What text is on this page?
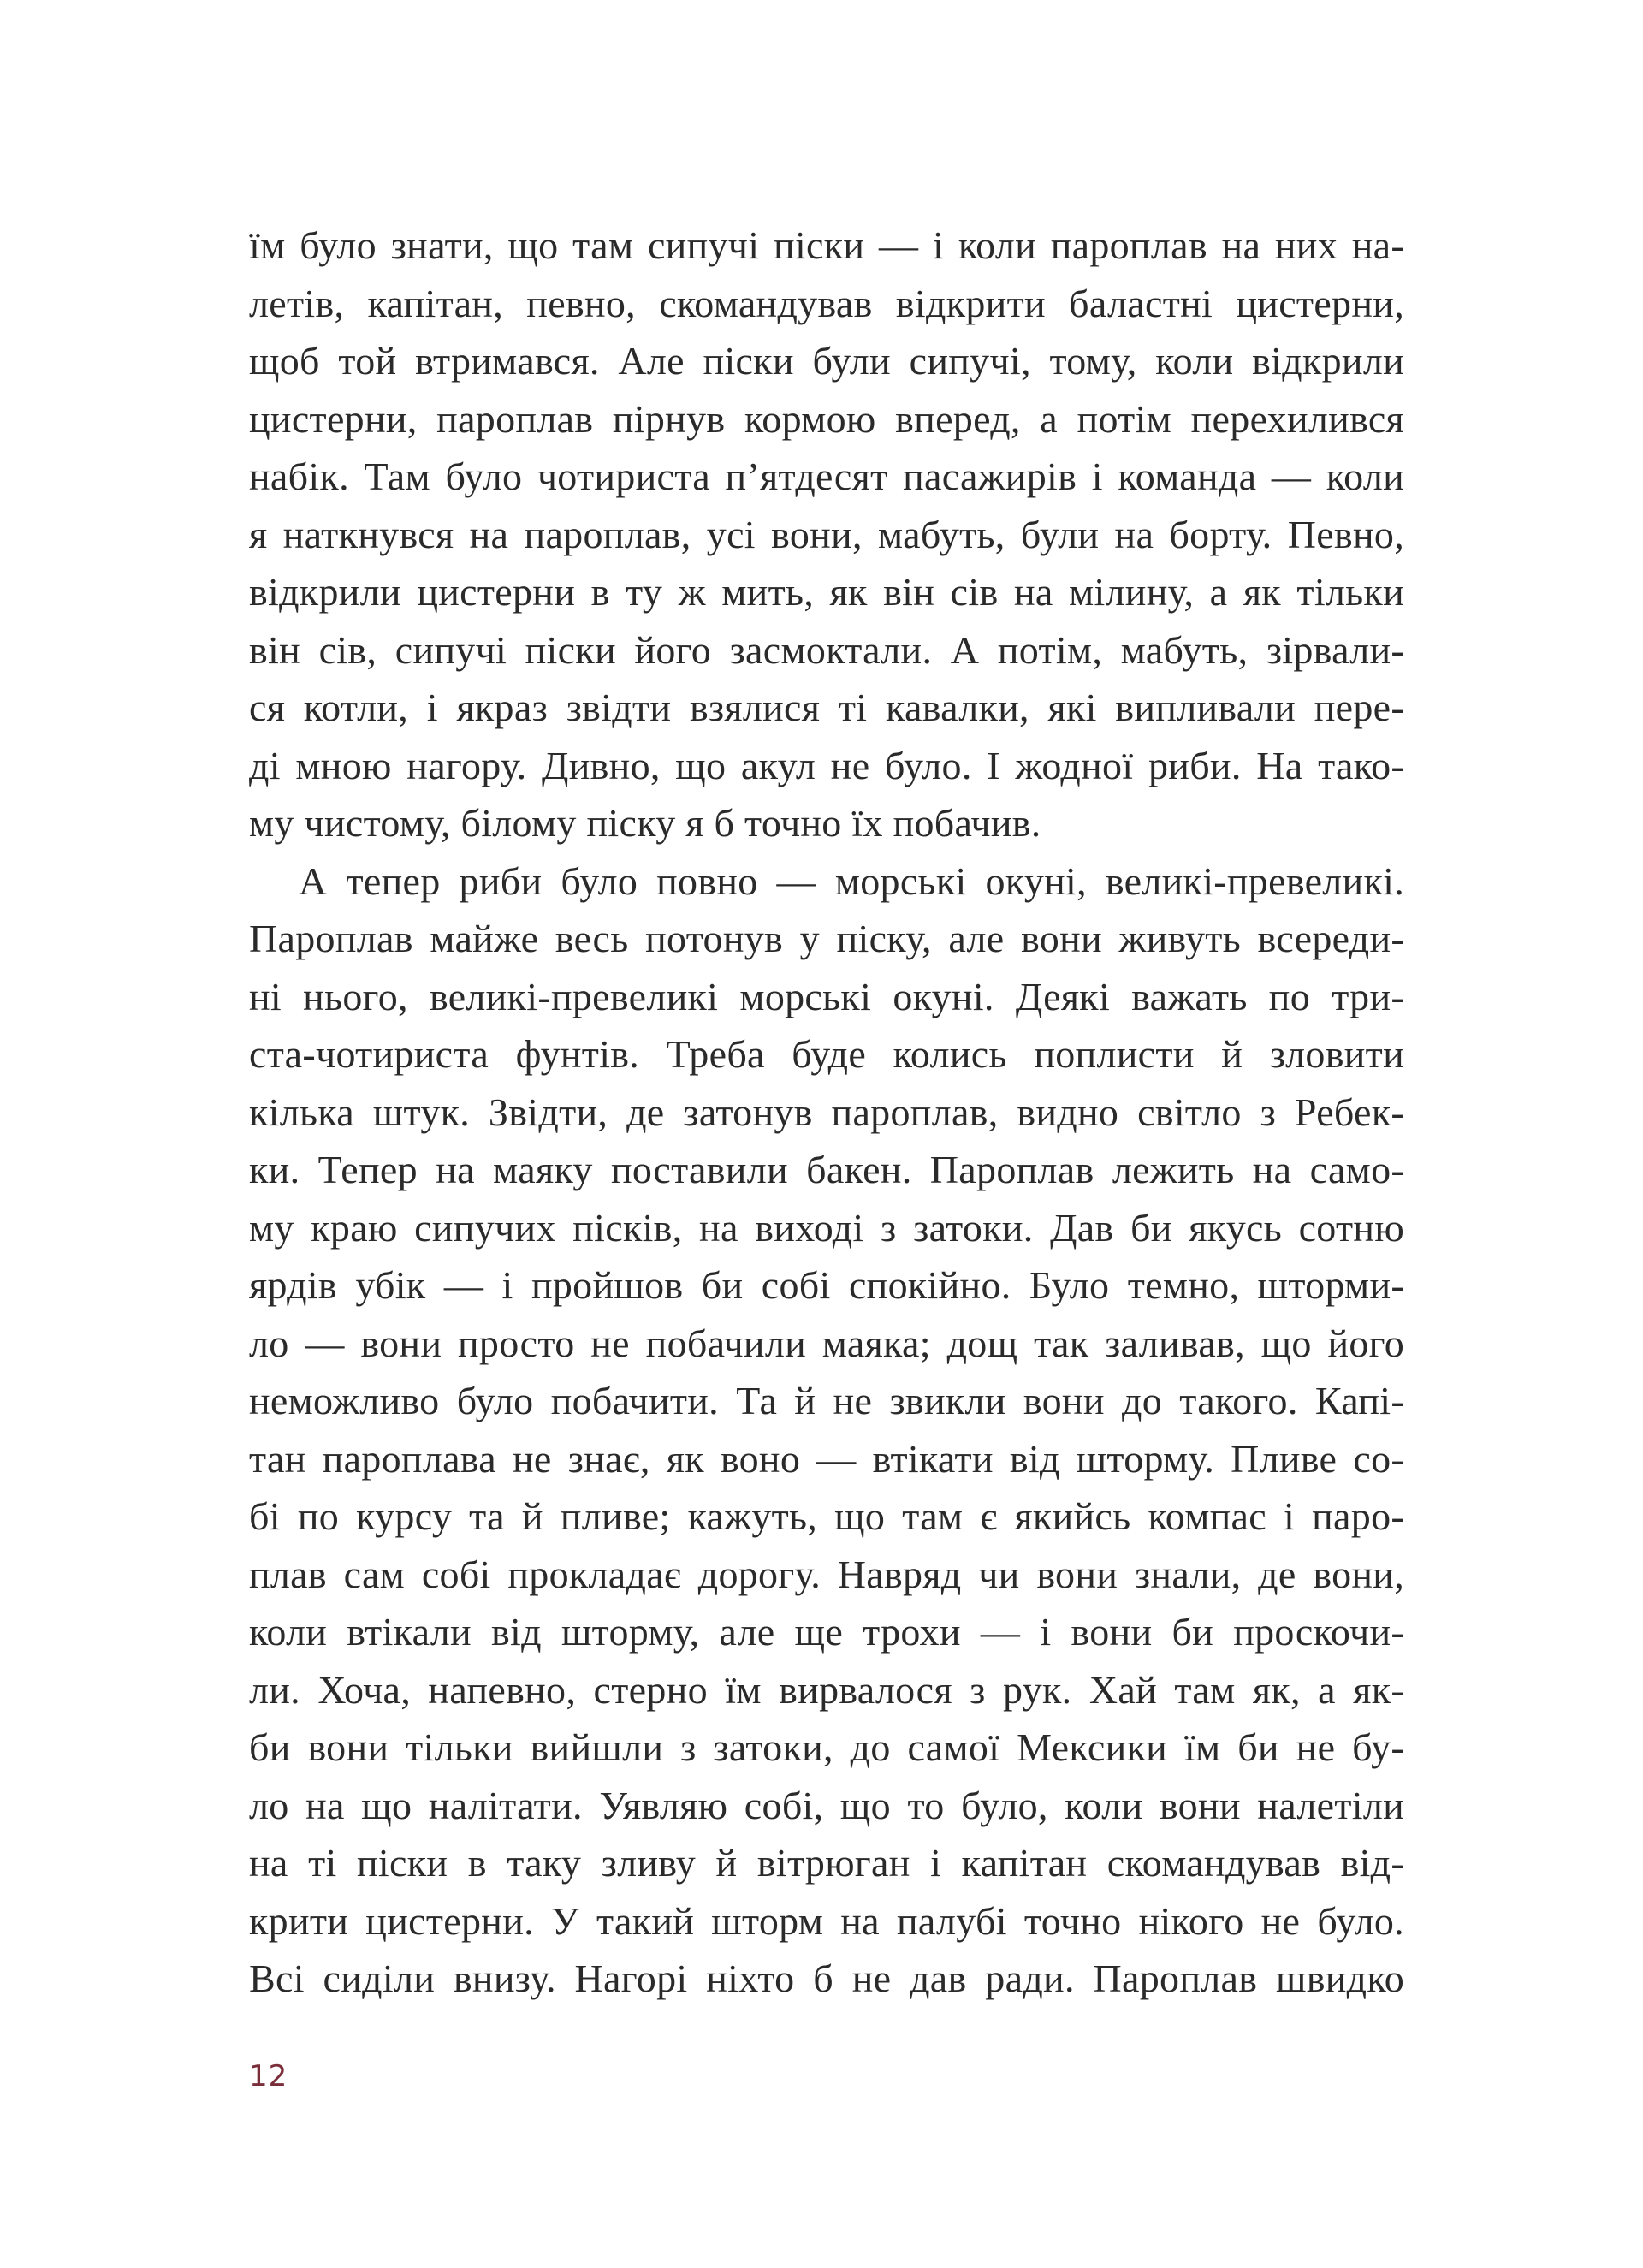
їм було знати, що там сипучі піски — і коли пароплав на них на-
летів, капітан, певно, скомандував відкрити баластні цистерни,
щоб той втримався. Але піски були сипучі, тому, коли відкрили
цистерни, пароплав пірнув кормою вперед, а потім перехилився
набік. Там було чотириста п’ятдесят пасажирів і команда — коли
я наткнувся на пароплав, усі вони, мабуть, були на борту. Певно,
відкрили цистерни в ту ж мить, як він сів на мілину, а як тільки
він сів, сипучі піски його засмоктали. А потім, мабуть, зірвали-
ся котли, і якраз звідти взялися ті кавалки, які випливали пере-
ді мною нагору. Дивно, що акул не було. І жодної риби. На тако-
му чистому, білому піску я б точно їх побачив.
А тепер риби було повно — морські окуні, великі-превеликі.
Пароплав майже весь потонув у піску, але вони живуть всереди-
ні нього, великі-превеликі морські окуні. Деякі важать по три-
ста-чотириста фунтів. Треба буде колись поплисти й зловити
кілька штук. Звідти, де затонув пароплав, видно світло з Ребек-
ки. Тепер на маяку поставили бакен. Пароплав лежить на само-
му краю сипучих пісків, на виході з затоки. Дав би якусь сотню
ярдів убік — і пройшов би собі спокійно. Було темно, шторми-
ло — вони просто не побачили маяка; дощ так заливав, що його
неможливо було побачити. Та й не звикли вони до такого. Капі-
тан пароплава не знає, як воно — втікати від шторму. Пливе со-
бі по курсу та й пливе; кажуть, що там є якийсь компас і паро-
плав сам собі прокладає дорогу. Навряд чи вони знали, де вони,
коли втікали від шторму, але ще трохи — і вони би проскочи-
ли. Хоча, напевно, стерно їм вирвалося з рук. Хай там як, а як-
би вони тільки вийшли з затоки, до самої Мексики їм би не бу-
ло на що налітати. Уявляю собі, що то було, коли вони налетіли
на ті піски в таку зливу й вітрюган і капітан скомандував від-
крити цистерни. У такий шторм на палубі точно нікого не було.
Всі сиділи внизу. Нагорі ніхто б не дав ради. Пароплав швидко
12
